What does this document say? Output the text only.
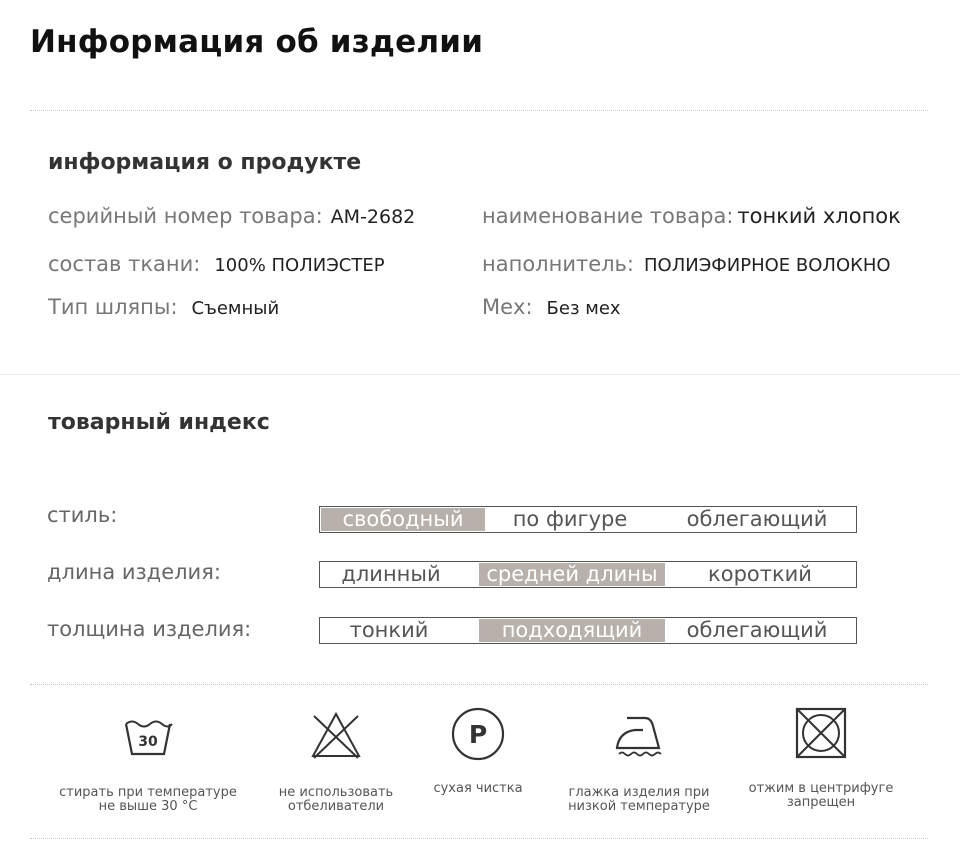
Информация об изделии
информация о продукте
серийный номер товара: AM-2682	наименование товара: тонкий хлопок
состав ткани: 100% ПОЛИЭСТЕР	наполнитель: ПОЛИЭФИРНОЕ ВОЛОКНО
Тип шляпы: Съемный	Мех: Без мех
товарный индекс
стиль:	свободный	по фигуре	облегающий
длина изделия:	длинный	средней длины	короткий
толщина изделия:	тонкий	подходящий	облегающий
30
стирать при температуре
не выше 30 °C
не использовать
отбеливатели
P
сухая чистка	глажка изделия при
низкой температуре
отжим в центрифуге
запрещен
